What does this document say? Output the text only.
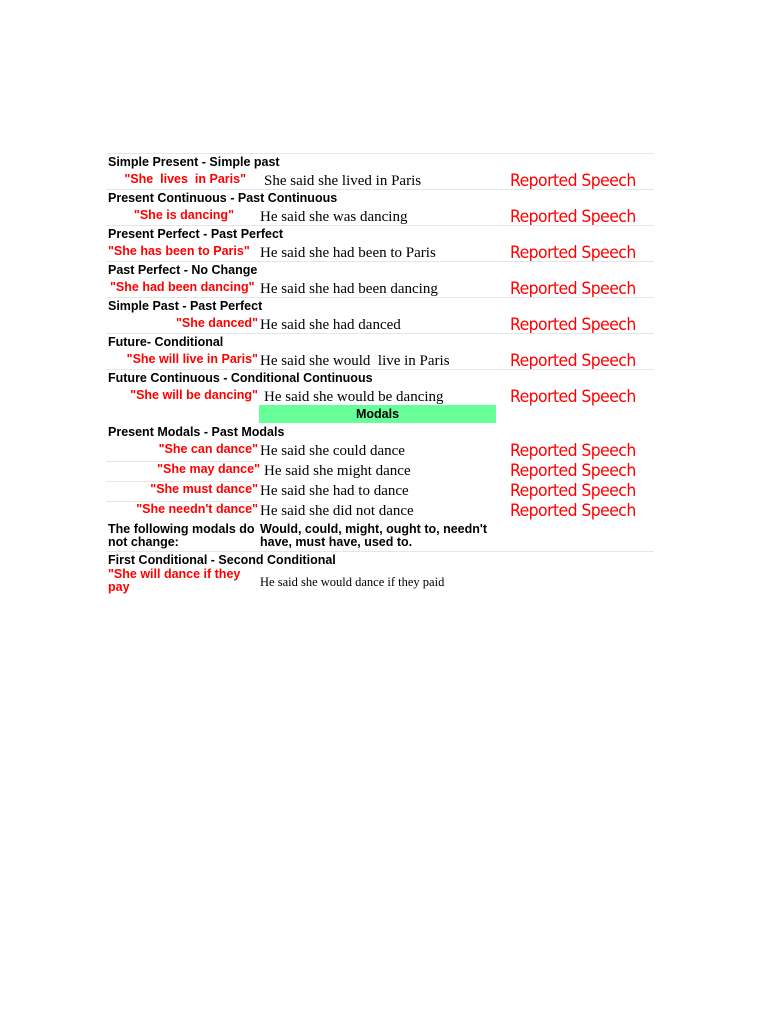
Simple Present - Simple past
"She  lives  in Paris" She said she lived in Paris	Reported Speech
Present Continuous - Past Continuous
"She is dancing" He said she was dancing	Reported Speech
Present Perfect - Past Perfect
"She has been to Paris" He said she had been to Paris	Reported Speech
Past Perfect - No Change
"She had been dancing" He said she had been dancing	Reported Speech
Simple Past - Past Perfect
"She danced" He said she had danced	Reported Speech
Future- Conditional
"She will live in Paris" He said she would  live in Paris	Reported Speech
Future Continuous - Conditional Continuous
"She will be dancing" He said she would be dancing	Reported Speech
Modals
Present Modals - Past Modals
"She can dance" He said she could dance	Reported Speech
"She may dance" He said she might dance	Reported Speech
"She must dance" He said she had to dance	Reported Speech
"She needn't dance" He said she did not dance	Reported Speech
The following modals do not change:
Would, could, might, ought to, needn't have, must have, used to.
First Conditional - Second Conditional
"She will dance if they pay	He said she would dance if they paid
